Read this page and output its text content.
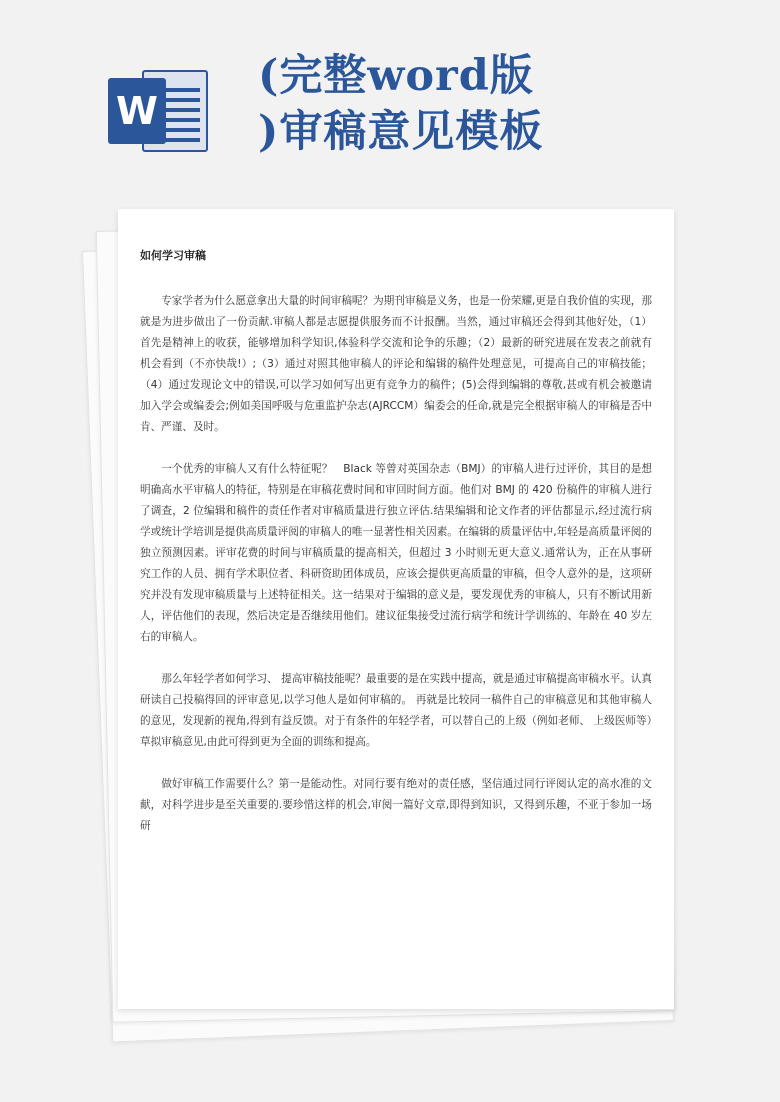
W
(完整word版
)审稿意见模板
如何学习审稿

专家学者为什么愿意拿出大量的时间审稿呢？为期刊审稿是义务，也是一份荣耀,更是自我价值的实现，那就是为进步做出了一份贡献.审稿人都是志愿提供服务而不计报酬。当然，通过审稿还会得到其他好处，（1）首先是精神上的收获，能够增加科学知识,体验科学交流和论争的乐趣；（2）最新的研究进展在发表之前就有机会看到（不亦快哉!）;（3）通过对照其他审稿人的评论和编辑的稿件处理意见，可提高自己的审稿技能；（4）通过发现论文中的错误,可以学习如何写出更有竞争力的稿件；(5)会得到编辑的尊敬,甚或有机会被邀请加入学会或编委会;例如美国呼吸与危重监护杂志(AJRCCM）编委会的任命,就是完全根据审稿人的审稿是否中肯、严谨、及时。

一个优秀的审稿人又有什么特征呢？　Black 等曾对英国杂志（BMJ）的审稿人进行过评价，其目的是想明确高水平审稿人的特征，特别是在审稿花费时间和审回时间方面。他们对 BMJ 的 420 份稿件的审稿人进行了调查，2 位编辑和稿件的责任作者对审稿质量进行独立评估.结果编辑和论文作者的评估都显示,经过流行病学或统计学培训是提供高质量评阅的审稿人的唯一显著性相关因素。在编辑的质量评估中,年轻是高质量评阅的独立预测因素。评审花费的时间与审稿质量的提高相关，但超过 3 小时则无更大意义.通常认为，正在从事研究工作的人员、拥有学术职位者、科研资助团体成员，应该会提供更高质量的审稿，但令人意外的是，这项研究并没有发现审稿质量与上述特征相关。这一结果对于编辑的意义是，要发现优秀的审稿人，只有不断试用新人，评估他们的表现，然后决定是否继续用他们。建议征集接受过流行病学和统计学训练的、年龄在 40 岁左右的审稿人。

那么年轻学者如何学习、 提高审稿技能呢？最重要的是在实践中提高，就是通过审稿提高审稿水平。认真研读自己投稿得回的评审意见,以学习他人是如何审稿的。 再就是比较同一稿件自己的审稿意见和其他审稿人的意见，发现新的视角,得到有益反馈。对于有条件的年轻学者，可以替自己的上级（例如老师、 上级医师等）草拟审稿意见,由此可得到更为全面的训练和提高。

做好审稿工作需要什么？第一是能动性。对同行要有绝对的责任感，坚信通过同行评阅认定的高水准的文献，对科学进步是至关重要的.要珍惜这样的机会,审阅一篇好文章,即得到知识，又得到乐趣，不亚于参加一场研
